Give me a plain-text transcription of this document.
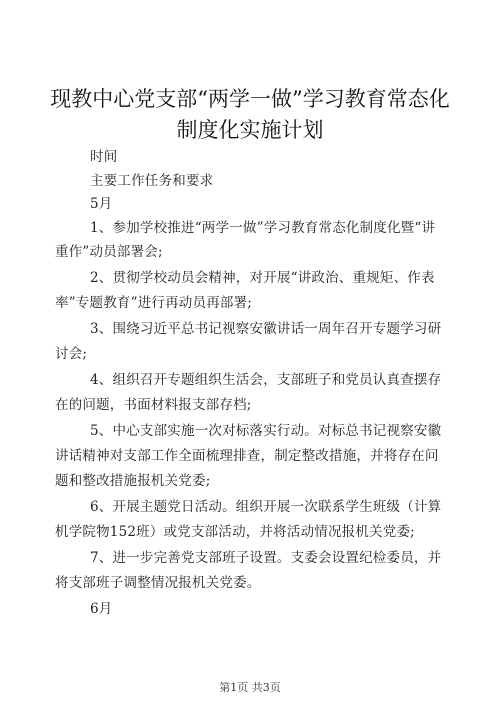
现教中心党支部“两学一做”学习教育常态化
制度化实施计划
时间
主要工作任务和要求
5月
1、参加学校推进“两学一做”学习教育常态化制度化暨“讲
重作”动员部署会;
2、贯彻学校动员会精神，对开展“讲政治、重规矩、作表
率”专题教育”进行再动员再部署;
3、围绕习近平总书记视察安徽讲话一周年召开专题学习研
讨会;
4、组织召开专题组织生活会，支部班子和党员认真查摆存
在的问题，书面材料报支部存档;
5、中心支部实施一次对标落实行动。对标总书记视察安徽
讲话精神对支部工作全面梳理排查，制定整改措施，并将存在问
题和整改措施报机关党委;
6、开展主题党日活动。组织开展一次联系学生班级（计算
机学院物152班）或党支部活动，并将活动情况报机关党委;
7、进一步完善党支部班子设置。支委会设置纪检委员，并
将支部班子调整情况报机关党委。
6月
第1页 共3页
